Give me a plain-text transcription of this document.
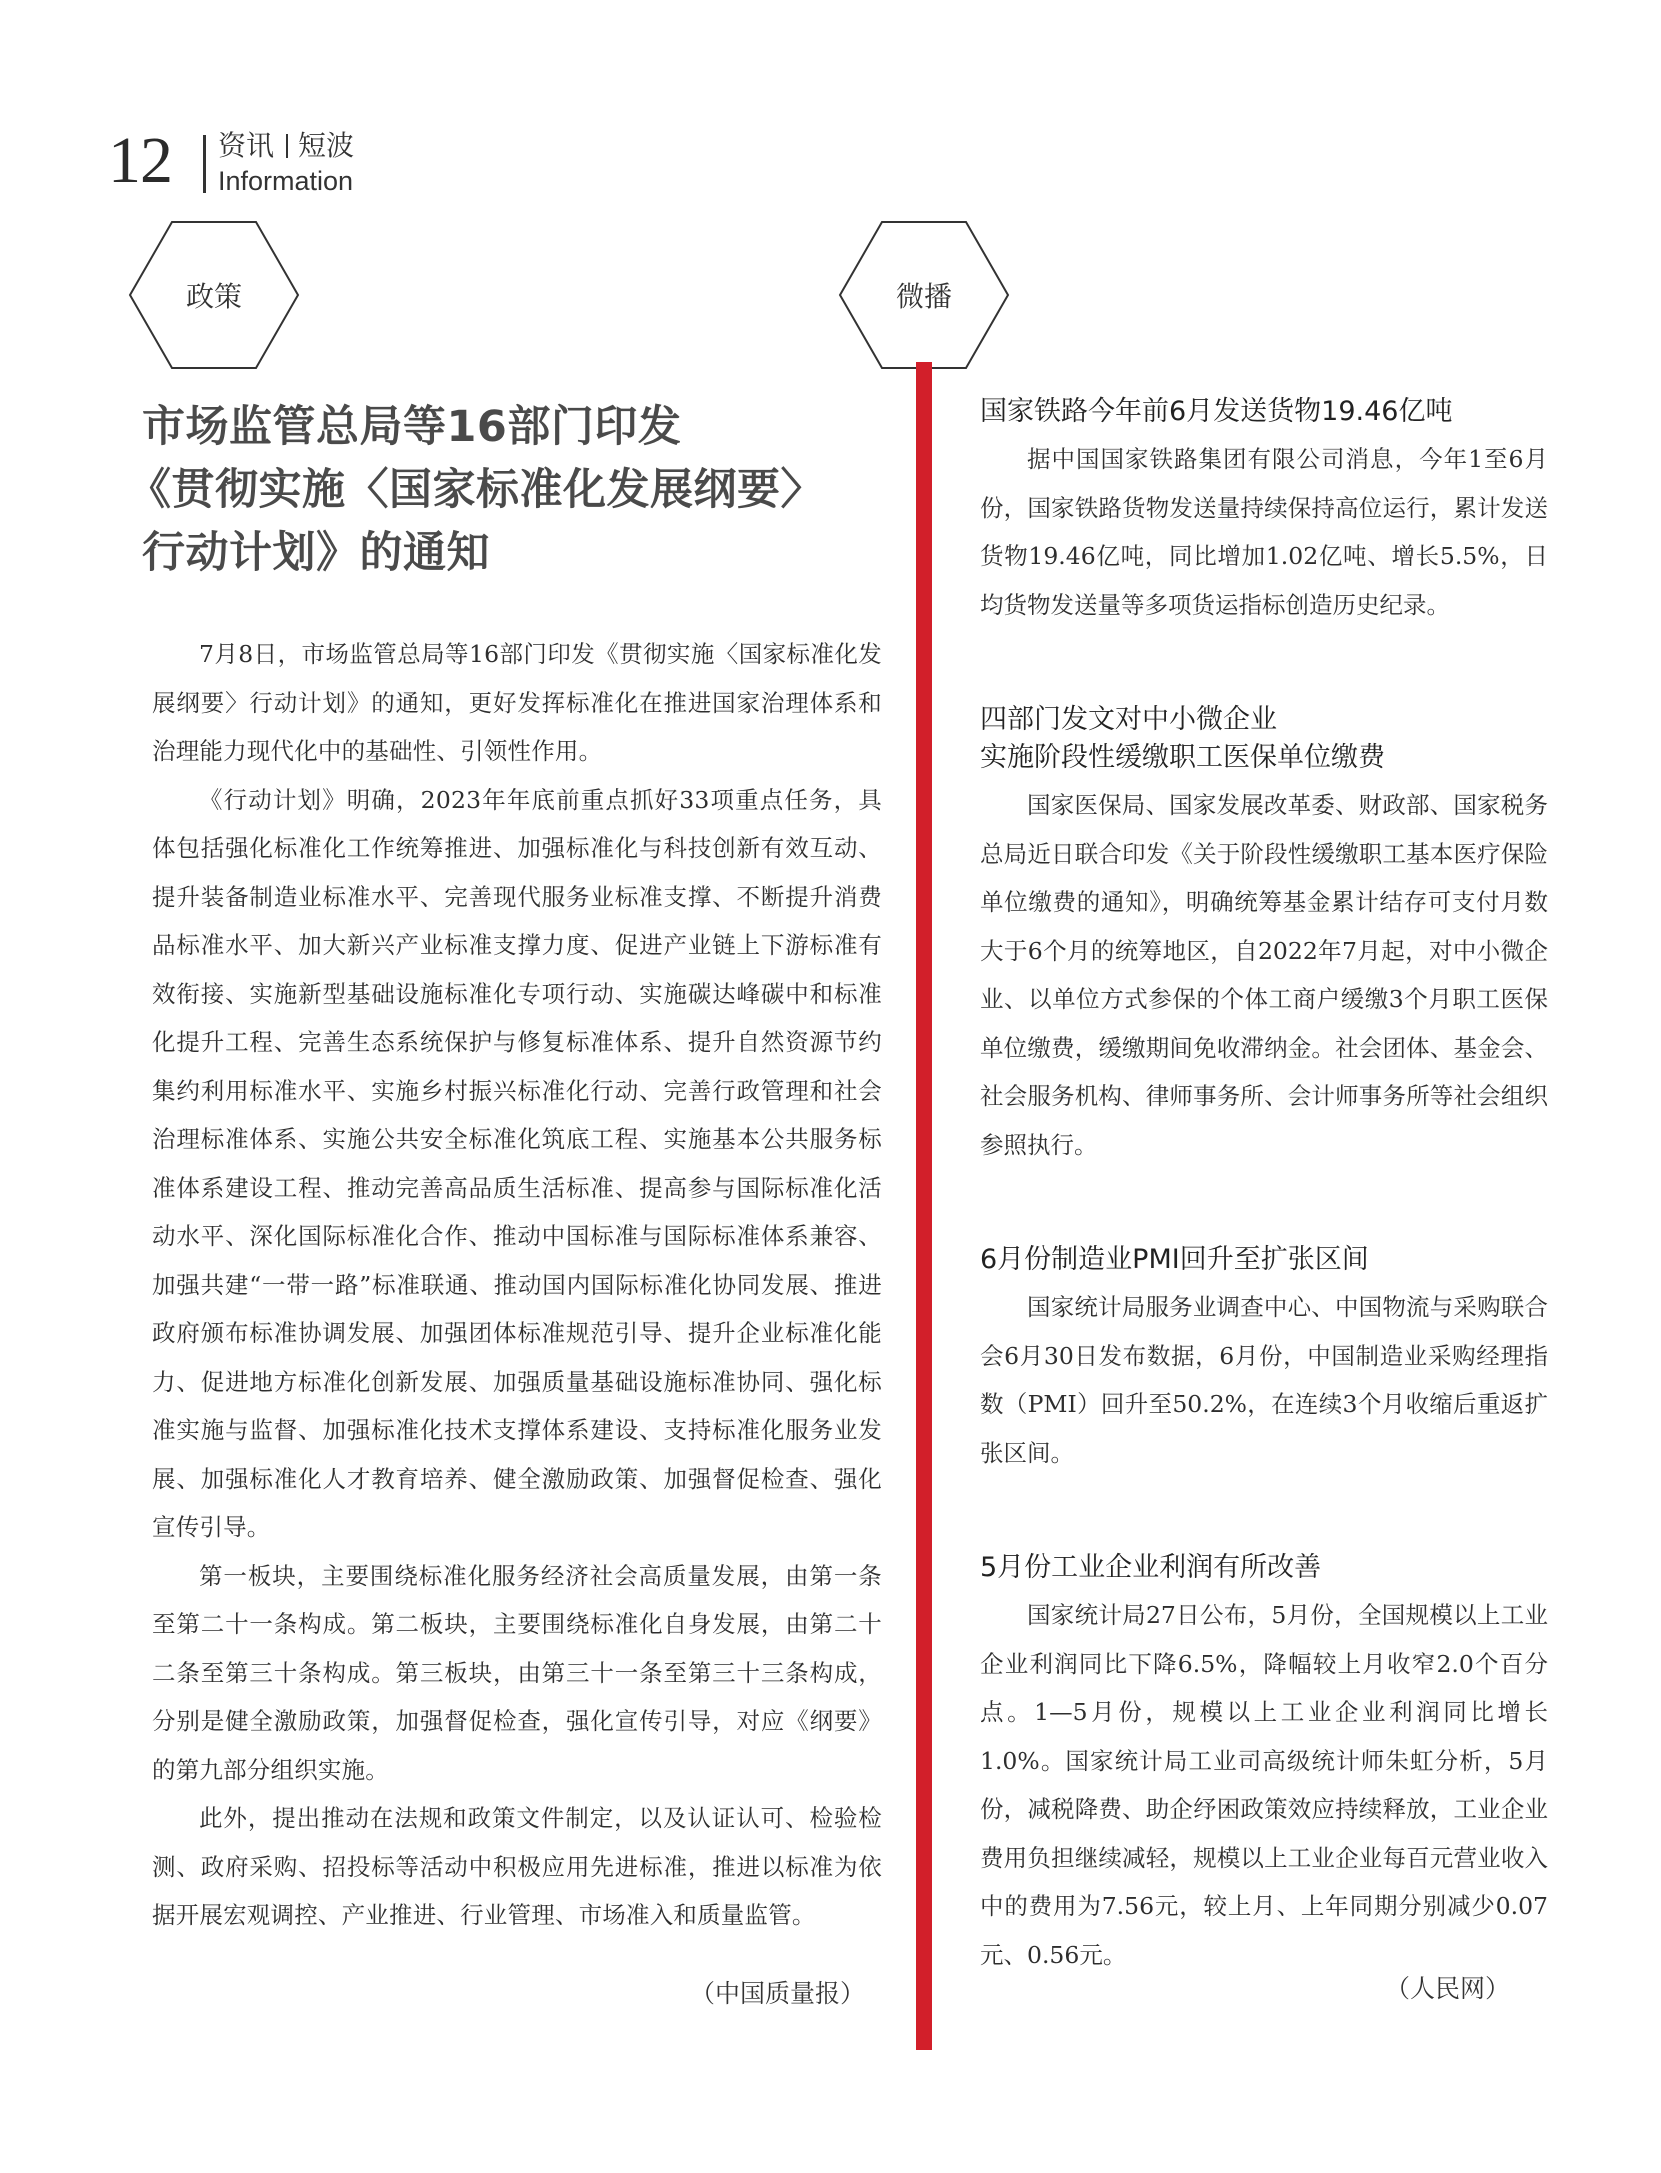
12 资讯 短波
Information
政策	微播
市场监管总局等16部门印发
《贯彻实施〈国家标准化发展纲要〉
行动计划》的通知

7月8日，市场监管总局等16部门印发《贯彻实施〈国家标准化发展纲要〉行动计划》的通知，更好发挥标准化在推进国家治理体系和治理能力现代化中的基础性、引领性作用。

《行动计划》明确，2023年年底前重点抓好33项重点任务，具体包括强化标准化工作统筹推进、加强标准化与科技创新有效互动、提升装备制造业标准水平、完善现代服务业标准支撑、不断提升消费品标准水平、加大新兴产业标准支撑力度、促进产业链上下游标准有效衔接、实施新型基础设施标准化专项行动、实施碳达峰碳中和标准化提升工程、完善生态系统保护与修复标准体系、提升自然资源节约集约利用标准水平、实施乡村振兴标准化行动、完善行政管理和社会治理标准体系、实施公共安全标准化筑底工程、实施基本公共服务标准体系建设工程、推动完善高品质生活标准、提高参与国际标准化活动水平、深化国际标准化合作、推动中国标准与国际标准体系兼容、加强共建“一带一路”标准联通、推动国内国际标准化协同发展、推进政府颁布标准协调发展、加强团体标准规范引导、提升企业标准化能力、促进地方标准化创新发展、加强质量基础设施标准协同、强化标准实施与监督、加强标准化技术支撑体系建设、支持标准化服务业发展、加强标准化人才教育培养、健全激励政策、加强督促检查、强化宣传引导。

第一板块，主要围绕标准化服务经济社会高质量发展，由第一条至第二十一条构成。第二板块，主要围绕标准化自身发展，由第二十二条至第三十条构成。第三板块，由第三十一条至第三十三条构成，分别是健全激励政策，加强督促检查，强化宣传引导，对应《纲要》的第九部分组织实施。

此外，提出推动在法规和政策文件制定，以及认证认可、检验检测、政府采购、招投标等活动中积极应用先进标准，推进以标准为依据开展宏观调控、产业推进、行业管理、市场准入和质量监管。

（中国质量报）
国家铁路今年前6月发送货物19.46亿吨

据中国国家铁路集团有限公司消息，今年1至6月份，国家铁路货物发送量持续保持高位运行，累计发送货物19.46亿吨，同比增加1.02亿吨、增长5.5%，日均货物发送量等多项货运指标创造历史纪录。

四部门发文对中小微企业
实施阶段性缓缴职工医保单位缴费

国家医保局、国家发展改革委、财政部、国家税务总局近日联合印发《关于阶段性缓缴职工基本医疗保险单位缴费的通知》，明确统筹基金累计结存可支付月数大于6个月的统筹地区，自2022年7月起，对中小微企业、以单位方式参保的个体工商户缓缴3个月职工医保单位缴费，缓缴期间免收滞纳金。社会团体、基金会、社会服务机构、律师事务所、会计师事务所等社会组织参照执行。

6月份制造业PMI回升至扩张区间

国家统计局服务业调查中心、中国物流与采购联合会6月30日发布数据，6月份，中国制造业采购经理指数（PMI）回升至50.2%，在连续3个月收缩后重返扩张区间。

5月份工业企业利润有所改善

国家统计局27日公布，5月份，全国规模以上工业企业利润同比下降6.5%，降幅较上月收窄2.0个百分点。1—5月份，规模以上工业企业利润同比增长1.0%。国家统计局工业司高级统计师朱虹分析，5月份，减税降费、助企纾困政策效应持续释放，工业企业费用负担继续减轻，规模以上工业企业每百元营业收入中的费用为7.56元，较上月、上年同期分别减少0.07元、0.56元。

（人民网）
